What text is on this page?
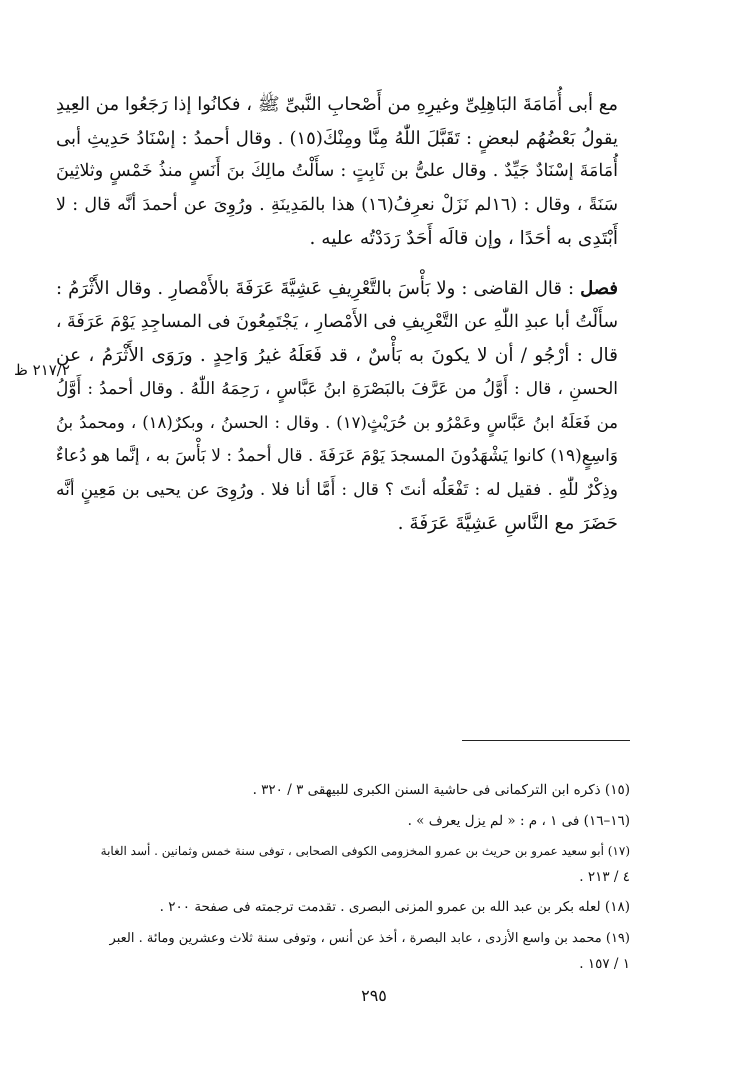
مع أبى أُمَامَةَ البَاهِلِىِّ وغيرِهِ من أَصْحابِ النَّبىِّ ﷺ ، فكانُوا إذا رَجَعُوا من العِيدِ
يقولُ بَعْضُهُم لبعضٍ : تَقَبَّلَ اللّٰهُ مِنَّا ومِنْكَ(١٥) . وقال أحمدُ : إسْنَادُ حَدِيثِ أبى
أُمَامَةَ إسْنَادٌ جَيِّدٌ . وقال علىُّ بن ثَابِتٍ : سأَلْتُ مالِكَ بنَ أَنَسٍ منذُ خَمْسٍ وثلاثِينَ
سَنَةً ، وقال : (١٦لم نَزَلْ نعرِفُ(١٦) هذا بالمَدِينَةِ . ورُوِىَ عن أحمدَ أنَّه قال : لا
أَبْتَدِى به أحَدًا ، وإن قالَه أَحَدٌ رَدَدْتُه عليه .
فصل : قال القاضى : ولا بَأْسَ بالتَّعْرِيفِ عَشِيَّةَ عَرَفَةَ بالأَمْصارِ . وقال الأَثْرَمُ :
سأَلْتُ أبا عبدِ اللّٰهِ عن التَّعْرِيفِ فى الأَمْصارِ ، يَجْتَمِعُونَ فى المساجِدِ يَوْمَ عَرَفَةَ ،
قال : أرْجُو / أن لا يكونَ به بَأْسٌ ، قد فَعَلَهُ غيرُ وَاحِدٍ . ورَوَى الأَثْرَمُ ، عن
الحسنِ ، قال : أَوَّلُ من عَرَّفَ بالبَصْرَةِ ابنُ عَبَّاسٍ ، رَحِمَهُ اللّٰهُ . وقال أحمدُ : أَوَّلُ
من فَعَلَهُ ابنُ عَبَّاسٍ وعَمْرُو بن حُرَيْثٍ(١٧) . وقال : الحسنُ ، وبكرٌ(١٨) ، ومحمدُ بنُ
وَاسِعٍ(١٩) كانوا يَشْهَدُونَ المسجدَ يَوْمَ عَرَفَةَ . قال أحمدُ : لا بَأْسَ به ، إنَّما هو دُعاءٌ
وذِكْرٌ للّٰهِ . فقيل له : تَفْعَلُه أنتَ ؟ قال : أَمَّا أنا فلا . ورُوِىَ عن يحيى بن مَعِينٍ أنَّه
حَضَرَ مع النَّاسِ عَشِيَّةَ عَرَفَةَ .
٢١٧/٢ ظ
(١٥) ذكره ابن التركمانى فى حاشية السنن الكبرى للبيهقى ٣ / ٣٢٠ .
(١٦–١٦) فى ١ ، م : « لم يزل يعرف » .
(١٧) أبو سعيد عمرو بن حريث بن عمرو المخزومى الكوفى الصحابى ، توفى سنة خمس وثمانين . أسد الغابة
٤ / ٢١٣ .
(١٨) لعله بكر بن عبد الله بن عمرو المزنى البصرى . تقدمت ترجمته فى صفحة ٢٠٠ .
(١٩) محمد بن واسع الأزدى ، عابد البصرة ، أخذ عن أنس ، وتوفى سنة ثلاث وعشرين ومائة . العبر
١ / ١٥٧ .
٢٩٥
